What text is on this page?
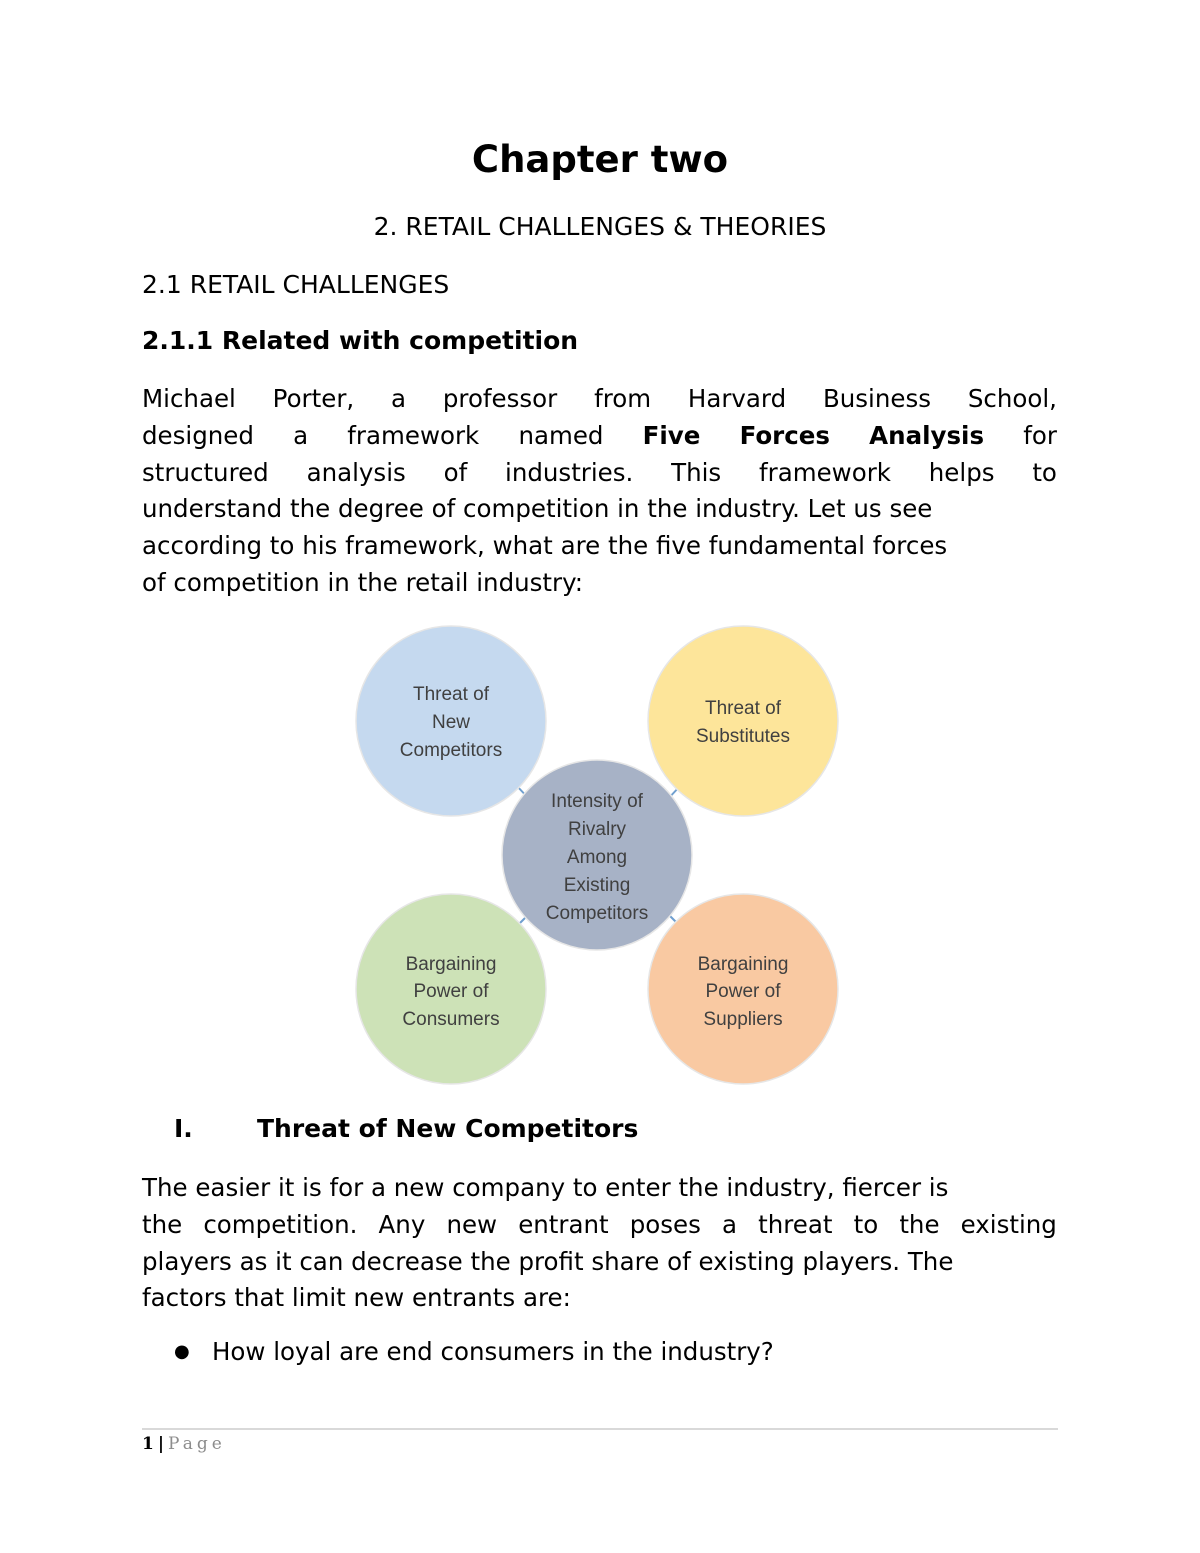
Chapter two
2. RETAIL CHALLENGES & THEORIES
2.1 RETAIL CHALLENGES
2.1.1 Related with competition
Michael Porter, a professor from Harvard Business School,
designed a framework named Five Forces Analysis for
structured analysis of industries. This framework helps to
understand the degree of competition in the industry. Let us see
according to his framework, what are the five fundamental forces
of competition in the retail industry:
Threat of
New
Competitors
Threat of
Substitutes
Intensity of
Rivalry
Among
Existing
Competitors
Bargaining
Power of
Consumers
Bargaining
Power of
Suppliers
I.	Threat of New Competitors
The easier it is for a new company to enter the industry, fiercer is
the competition. Any new entrant poses a threat to the existing
players as it can decrease the profit share of existing players. The
factors that limit new entrants are:

● How loyal are end consumers in the industry?

1 | Page
